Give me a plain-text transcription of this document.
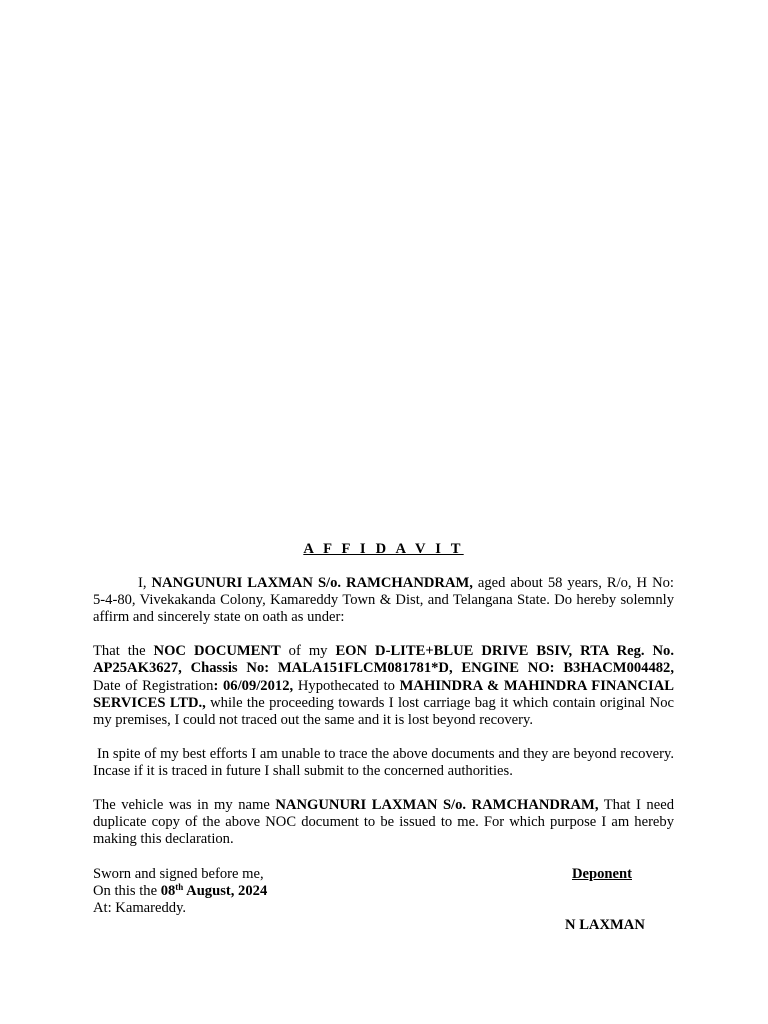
A F F I D A V I T

I, NANGUNURI LAXMAN S/o. RAMCHANDRAM, aged about 58 years, R/o, H No: 5-4-80, Vivekakanda Colony, Kamareddy Town & Dist, and Telangana State. Do hereby solemnly affirm and sincerely state on oath as under:

That the NOC DOCUMENT of my EON D-LITE+BLUE DRIVE BSIV, RTA Reg. No. AP25AK3627, Chassis No: MALA151FLCM081781*D, ENGINE NO: B3HACM004482, Date of Registration: 06/09/2012, Hypothecated to MAHINDRA & MAHINDRA FINANCIAL SERVICES LTD., while the proceeding towards I lost carriage bag it which contain original Noc my premises, I could not traced out the same and it is lost beyond recovery.

In spite of my best efforts I am unable to trace the above documents and they are beyond recovery. Incase if it is traced in future I shall submit to the concerned authorities.

The vehicle was in my name NANGUNURI LAXMAN S/o. RAMCHANDRAM, That I need duplicate copy of the above NOC document to be issued to me. For which purpose I am hereby making this declaration.

Sworn and signed before me,
On this the 08th August, 2024
At: Kamareddy.
Deponent
N LAXMAN
